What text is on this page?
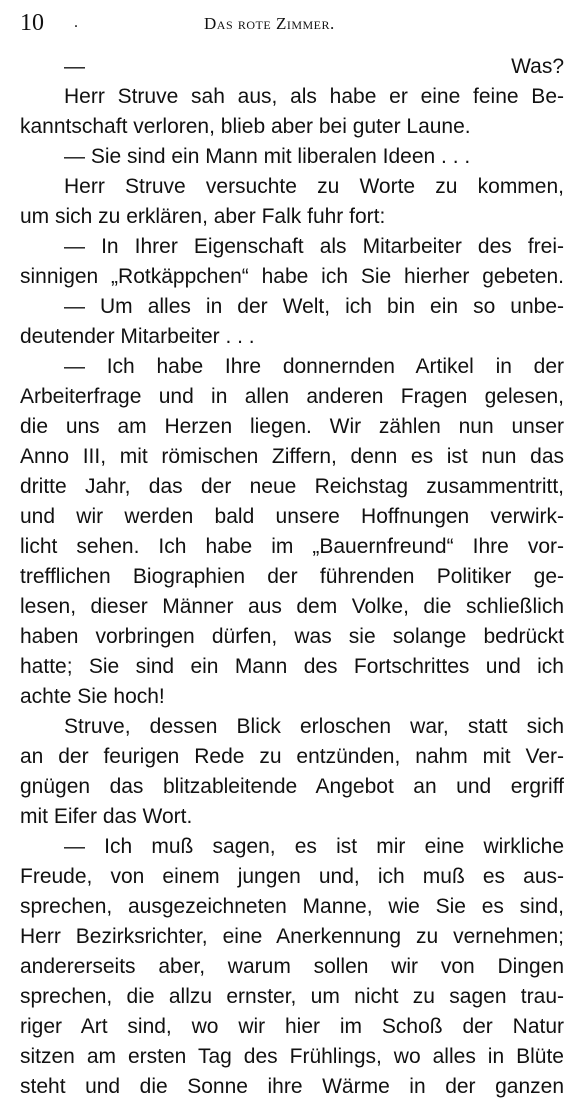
10 .	Das rote Zimmer.
— Was?
Herr Struve sah aus, als habe er eine feine Be-
kanntschaft verloren, blieb aber bei guter Laune.
— Sie sind ein Mann mit liberalen Ideen . . .
Herr Struve versuchte zu Worte zu kommen,
um sich zu erklären, aber Falk fuhr fort:
— In Ihrer Eigenschaft als Mitarbeiter des frei-
sinnigen „Rotkäppchen“ habe ich Sie hierher gebeten.
— Um alles in der Welt, ich bin ein so unbe-
deutender Mitarbeiter . . .
— Ich habe Ihre donnernden Artikel in der
Arbeiterfrage und in allen anderen Fragen gelesen,
die uns am Herzen liegen. Wir zählen nun unser
Anno III, mit römischen Ziffern, denn es ist nun das
dritte Jahr, das der neue Reichstag zusammentritt,
und wir werden bald unsere Hoffnungen verwirk-
licht sehen. Ich habe im „Bauernfreund“ Ihre vor-
trefflichen Biographien der führenden Politiker ge-
lesen, dieser Männer aus dem Volke, die schließlich
haben vorbringen dürfen, was sie solange bedrückt
hatte; Sie sind ein Mann des Fortschrittes und ich
achte Sie hoch!
Struve, dessen Blick erloschen war, statt sich
an der feurigen Rede zu entzünden, nahm mit Ver-
gnügen das blitzableitende Angebot an und ergriff
mit Eifer das Wort.
— Ich muß sagen, es ist mir eine wirkliche
Freude, von einem jungen und, ich muß es aus-
sprechen, ausgezeichneten Manne, wie Sie es sind,
Herr Bezirksrichter, eine Anerkennung zu vernehmen;
andererseits aber, warum sollen wir von Dingen
sprechen, die allzu ernster, um nicht zu sagen trau-
riger Art sind, wo wir hier im Schoß der Natur
sitzen am ersten Tag des Frühlings, wo alles in Blüte
steht und die Sonne ihre Wärme in der ganzen
